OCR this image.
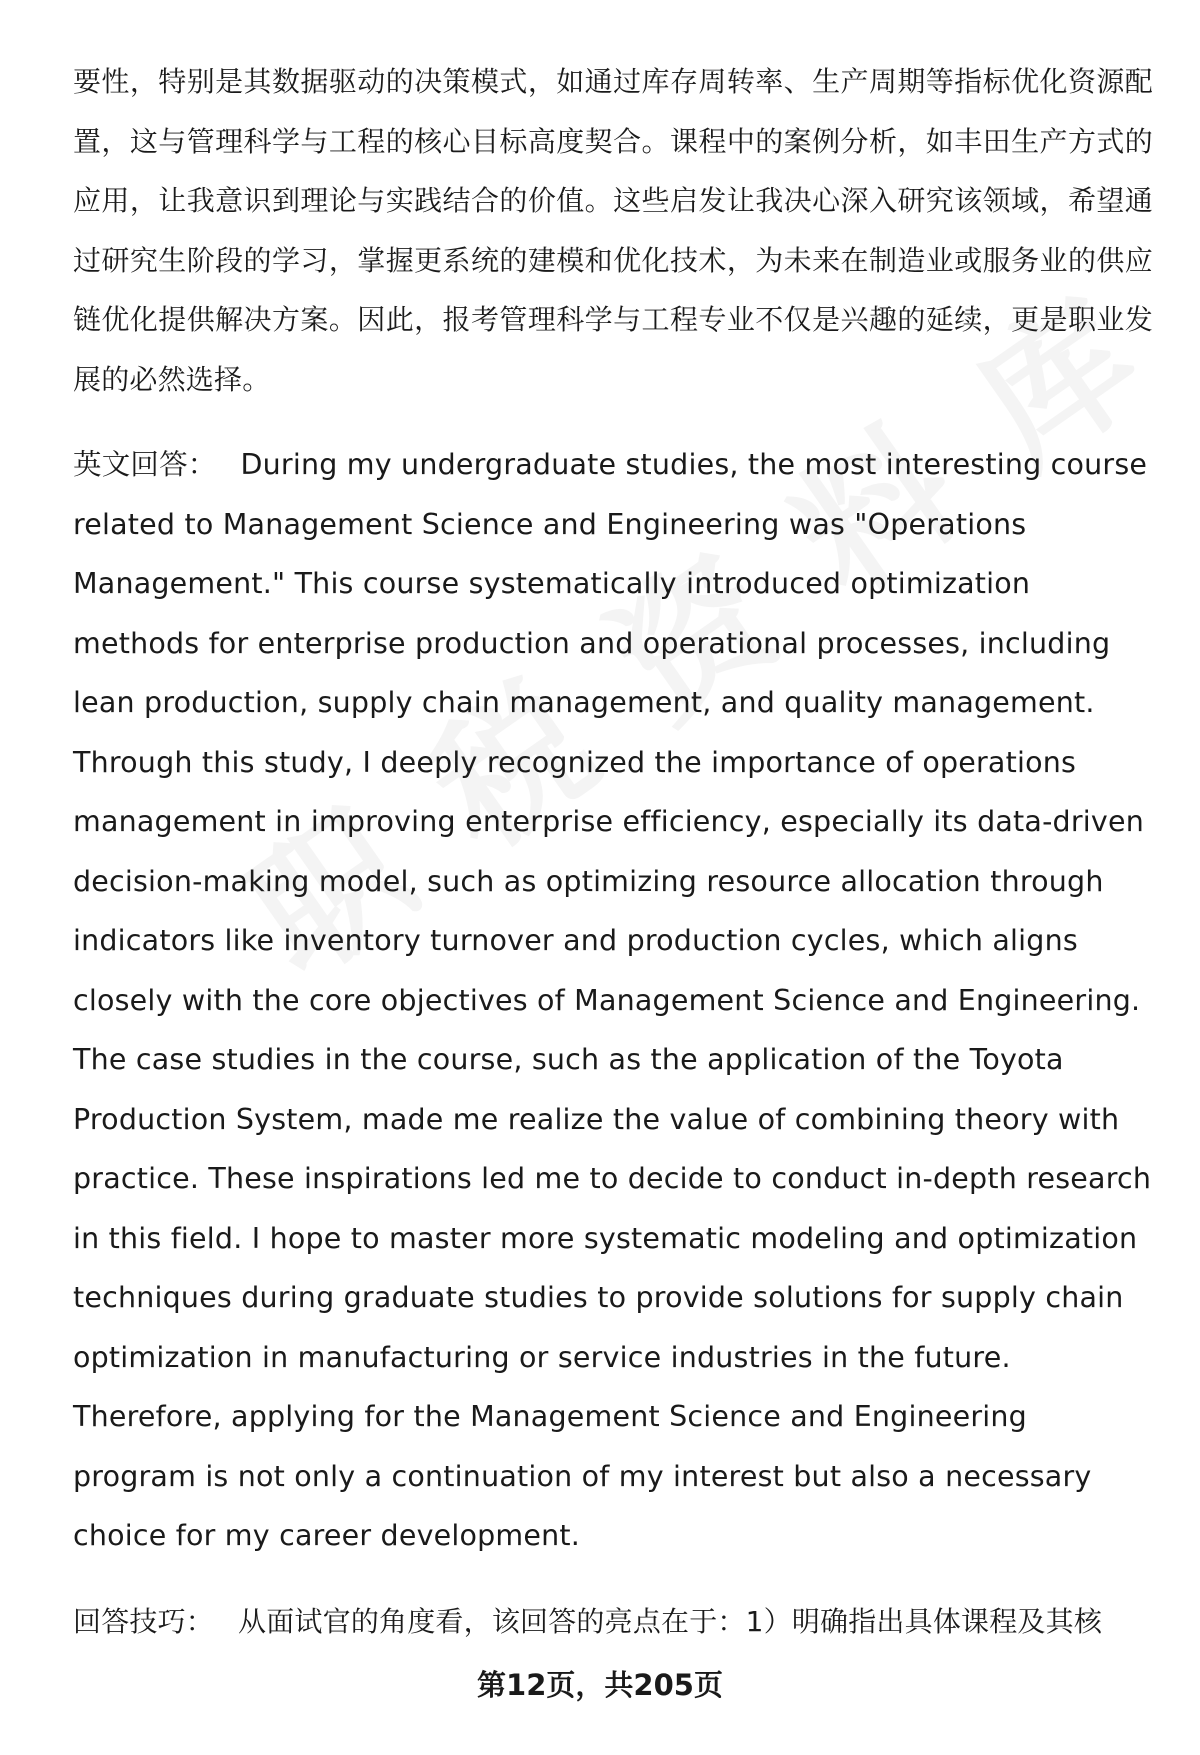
要性，特别是其数据驱动的决策模式，如通过库存周转率、生产周期等指标优化资源配置，这与管理科学与工程的核心目标高度契合。课程中的案例分析，如丰田生产方式的应用，让我意识到理论与实践结合的价值。这些启发让我决心深入研究该领域，希望通过研究生阶段的学习，掌握更系统的建模和优化技术，为未来在制造业或服务业的供应链优化提供解决方案。因此，报考管理科学与工程专业不仅是兴趣的延续，更是职业发展的必然选择。

英文回答： During my undergraduate studies, the most interesting course related to Management Science and Engineering was "Operations Management." This course systematically introduced optimization methods for enterprise production and operational processes, including lean production, supply chain management, and quality management. Through this study, I deeply recognized the importance of operations management in improving enterprise efficiency, especially its data-driven decision-making model, such as optimizing resource allocation through indicators like inventory turnover and production cycles, which aligns closely with the core objectives of Management Science and Engineering. The case studies in the course, such as the application of the Toyota Production System, made me realize the value of combining theory with practice. These inspirations led me to decide to conduct in-depth research in this field. I hope to master more systematic modeling and optimization techniques during graduate studies to provide solutions for supply chain optimization in manufacturing or service industries in the future. Therefore, applying for the Management Science and Engineering program is not only a continuation of my interest but also a necessary choice for my career development.

回答技巧： 从面试官的角度看，该回答的亮点在于：1）明确指出具体课程及其核

第12页，共205页
